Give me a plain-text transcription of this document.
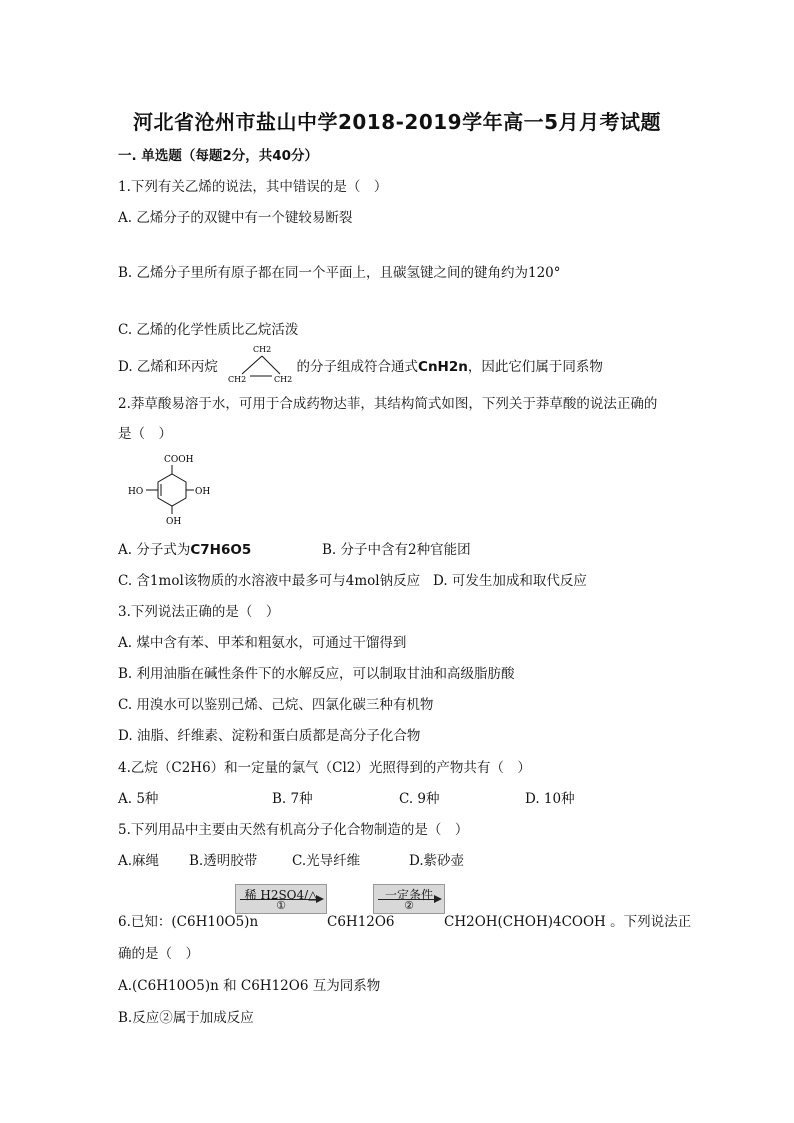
河北省沧州市盐山中学2018-2019学年高一5月月考试题
一. 单选题（每题2分，共40分）
1.下列有关乙烯的说法，其中错误的是（　）
A. 乙烯分子的双键中有一个键较易断裂
B. 乙烯分子里所有原子都在同一个平面上，且碳氢键之间的键角约为120°
C. 乙烯的化学性质比乙烷活泼
D. 乙烯和环丙烷	的分子组成符合通式CnH2n，因此它们属于同系物
CH2
CH2	CH2
2.莽草酸易溶于水，可用于合成药物达菲，其结构简式如图，下列关于莽草酸的说法正确的
是（　）
COOH
HO	OH
OH
A. 分子式为C7H6O5	B. 分子中含有2种官能团
C. 含1mol该物质的水溶液中最多可与4mol钠反应 D. 可发生加成和取代反应
3.下列说法正确的是（　）
A. 煤中含有苯、甲苯和粗氨水，可通过干馏得到
B. 利用油脂在碱性条件下的水解反应，可以制取甘油和高级脂肪酸
C. 用溴水可以鉴别己烯、己烷、四氯化碳三种有机物
D. 油脂、纤维素、淀粉和蛋白质都是高分子化合物
4.乙烷（C2H6）和一定量的氯气（Cl2）光照得到的产物共有（　）
A. 5种	B. 7种	C. 9种	D. 10种
5.下列用品中主要由天然有机高分子化合物制造的是（　）
A.麻绳 B.透明胶带	C.光导纤维	D.紫砂壶
6.已知：(C6H10O5)n
稀 H2SO4/△
①
C6H12O6
一定条件
②
CH2OH(CHOH)4COOH 。下列说法正
确的是（　）
A.(C6H10O5)n 和 C6H12O6 互为同系物
B.反应②属于加成反应
